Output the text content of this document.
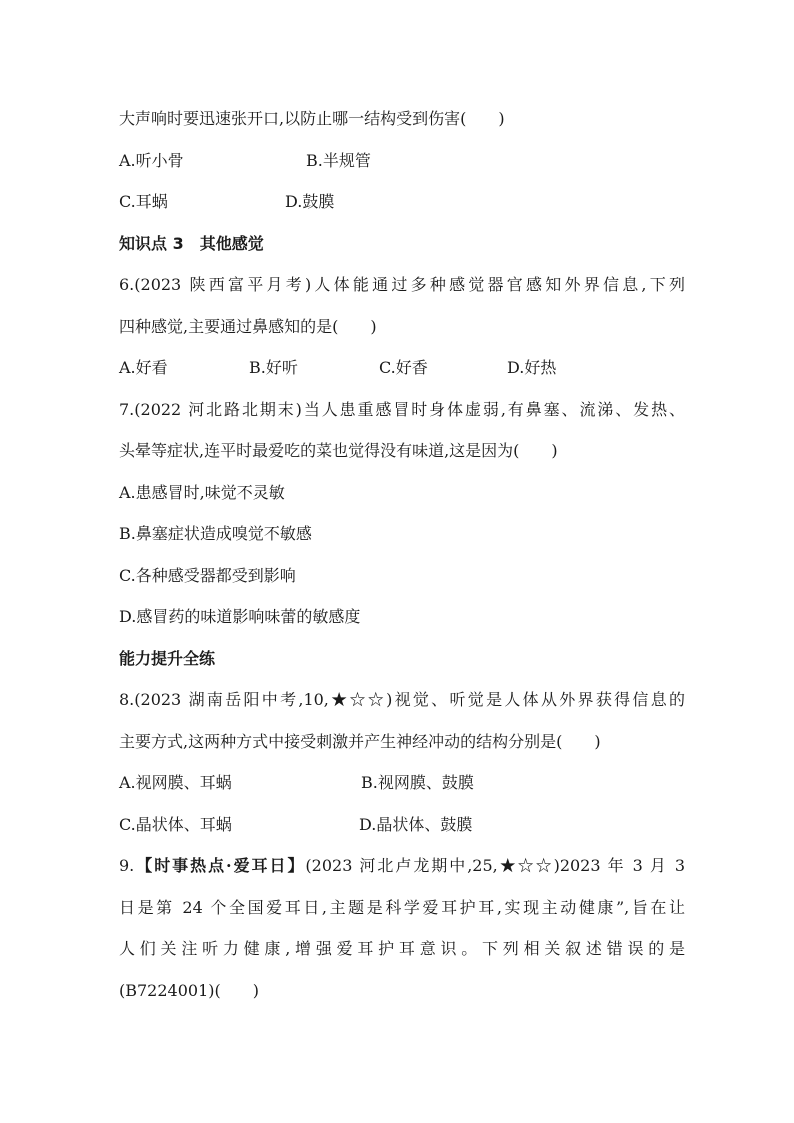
大声响时要迅速张开口,以防止哪一结构受到伤害(　　)
A.听小骨	B.半规管
C.耳蜗	D.鼓膜
知识点 3　其他感觉
6.(2023 陕西富平月考)人体能通过多种感觉器官感知外界信息,下列
四种感觉,主要通过鼻感知的是(　　)
A.好看	B.好听	C.好香	D.好热
7.(2022 河北路北期末)当人患重感冒时身体虚弱,有鼻塞、流涕、发热、
头晕等症状,连平时最爱吃的菜也觉得没有味道,这是因为(　　)
A.患感冒时,味觉不灵敏
B.鼻塞症状造成嗅觉不敏感
C.各种感受器都受到影响
D.感冒药的味道影响味蕾的敏感度
能力提升全练
8.(2023 湖南岳阳中考,10,★☆☆)视觉、听觉是人体从外界获得信息的
主要方式,这两种方式中接受刺激并产生神经冲动的结构分别是(　　)
A.视网膜、耳蜗	B.视网膜、鼓膜
C.晶状体、耳蜗	D.晶状体、鼓膜
9.【时事热点·爱耳日】(2023 河北卢龙期中,25,★☆☆)2023 年 3 月 3
日是第 24 个全国爱耳日,主题是科学爱耳护耳,实现主动健康”,旨在让
人们关注听力健康,增强爱耳护耳意识。下列相关叙述错误的是
(B7224001)(　　)
